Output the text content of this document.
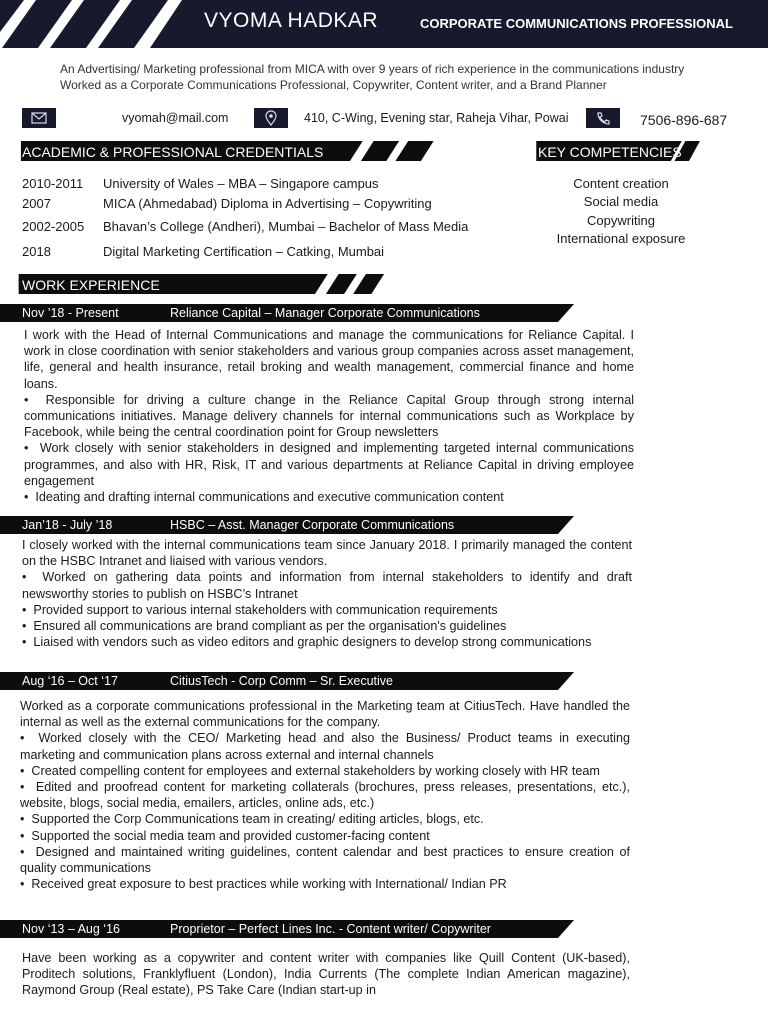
VYOMA HADKAR	CORPORATE COMMUNICATIONS PROFESSIONAL
An Advertising/ Marketing professional from MICA with over 9 years of rich experience in the communications industry
Worked as a Corporate Communications Professional, Copywriter, Content writer, and a Brand Planner
vyomah@mail.com	410, C-Wing, Evening star, Raheja Vihar, Powai	7506-896-687
ACADEMIC & PROFESSIONAL CREDENTIALS	KEY COMPETENCIES
2010-2011 University of Wales – MBA – Singapore campus
2007	MICA (Ahmedabad) Diploma in Advertising – Copywriting
2002-2005 Bhavan’s College (Andheri), Mumbai – Bachelor of Mass Media
2018	Digital Marketing Certification – Catking, Mumbai
Content creation
Social media
Copywriting
International exposure
WORK EXPERIENCE
Nov ’18 - Present	Reliance Capital – Manager Corporate Communications

I work with the Head of Internal Communications and manage the communications for Reliance Capital. I work in close coordination with senior stakeholders and various group companies across asset management, life, general and health insurance, retail broking and wealth management, commercial finance and home loans.

•  Responsible for driving a culture change in the Reliance Capital Group through strong internal communications initiatives. Manage delivery channels for internal communications such as Workplace by Facebook, while being the central coordination point for Group newsletters

•  Work closely with senior stakeholders in designed and implementing targeted internal communications programmes, and also with HR, Risk, IT and various departments at Reliance Capital in driving employee engagement

•  Ideating and drafting internal communications and executive communication content

Jan’18 - July ’18	HSBC – Asst. Manager Corporate Communications

I closely worked with the internal communications team since January 2018. I primarily managed the content on the HSBC Intranet and liaised with various vendors.

•  Worked on gathering data points and information from internal stakeholders to identify and draft newsworthy stories to publish on HSBC’s Intranet

•  Provided support to various internal stakeholders with communication requirements

•  Ensured all communications are brand compliant as per the organisation's guidelines

•  Liaised with vendors such as video editors and graphic designers to develop strong communications

Aug ‘16 – Oct ‘17	CitiusTech - Corp Comm – Sr. Executive

Worked as a corporate communications professional in the Marketing team at CitiusTech. Have handled the internal as well as the external communications for the company.

•  Worked closely with the CEO/ Marketing head and also the Business/ Product teams in executing marketing and communication plans across external and internal channels

•  Created compelling content for employees and external stakeholders by working closely with HR team

•  Edited and proofread content for marketing collaterals (brochures, press releases, presentations, etc.), website, blogs, social media, emailers, articles, online ads, etc.)

•  Supported the Corp Communications team in creating/ editing articles, blogs, etc.

•  Supported the social media team and provided customer-facing content

•  Designed and maintained writing guidelines, content calendar and best practices to ensure creation of quality communications

•  Received great exposure to best practices while working with International/ Indian PR

Nov ‘13 – Aug ‘16	Proprietor – Perfect Lines Inc. - Content writer/ Copywriter

Have been working as a copywriter and content writer with companies like Quill Content (UK-based), Proditech solutions, Franklyfluent (London), India Currents (The complete Indian American magazine), Raymond Group (Real estate), PS Take Care (Indian start-up in
